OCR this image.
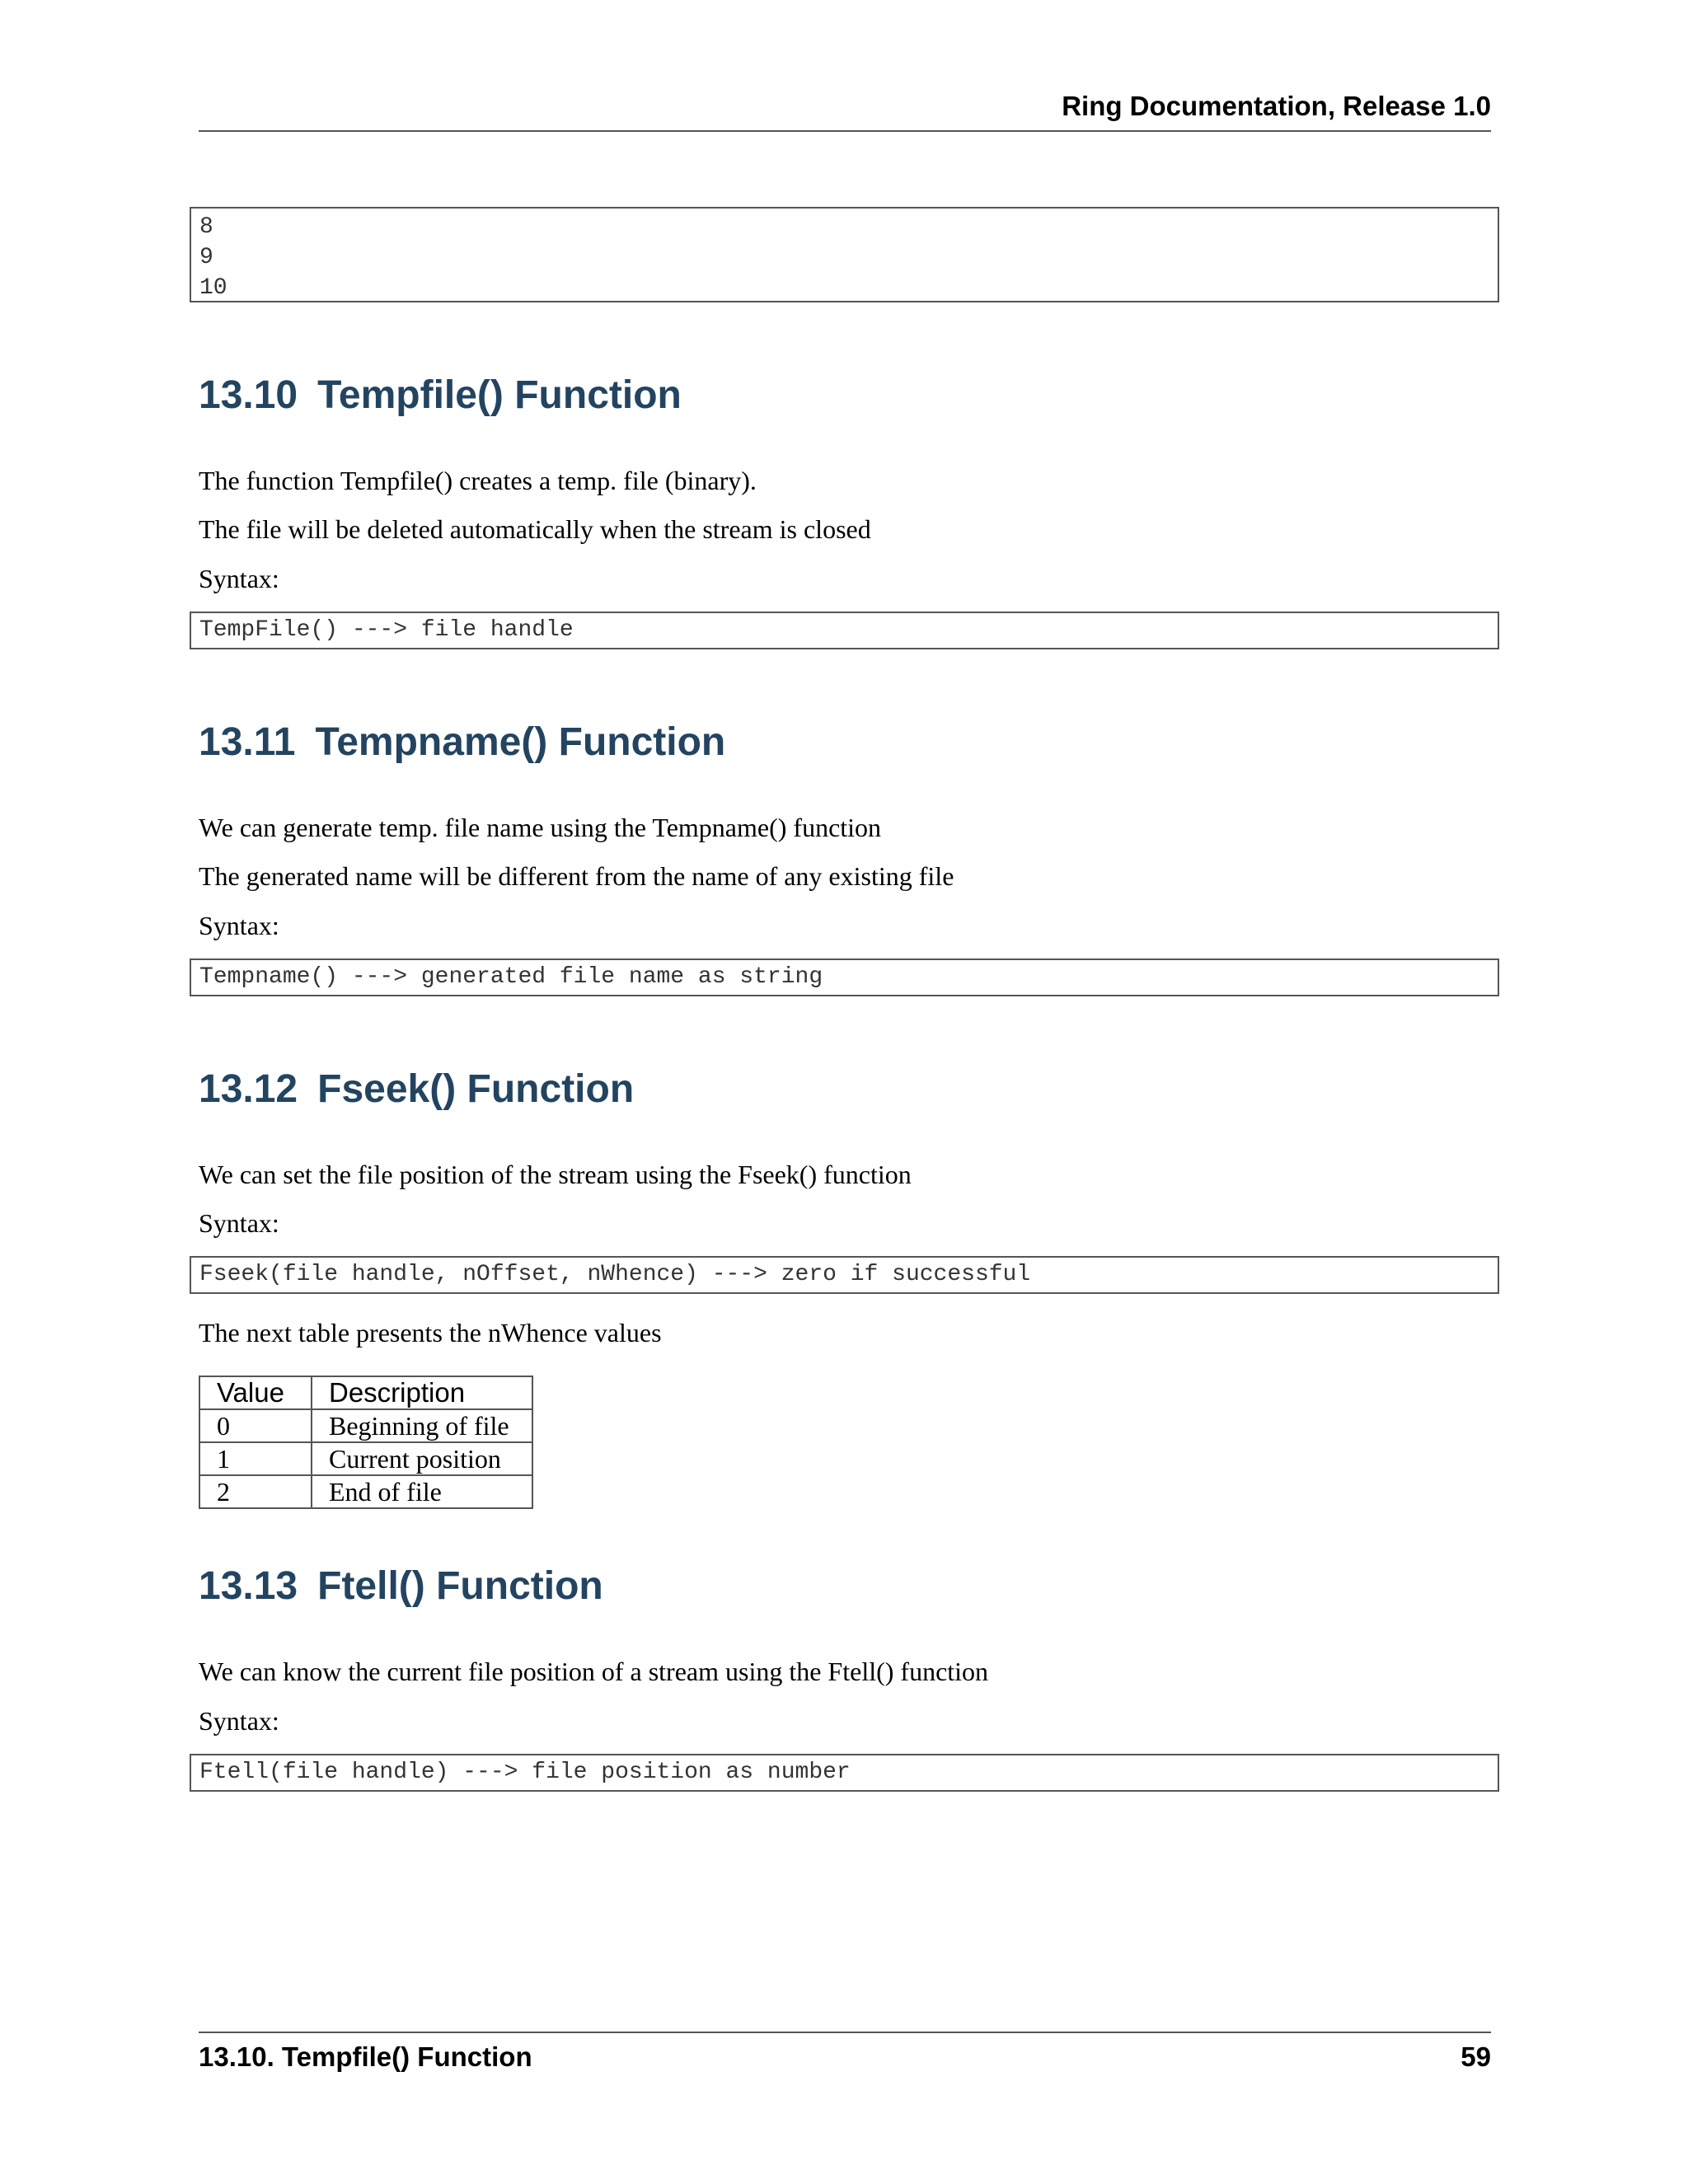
Ring Documentation, Release 1.0
8
9
10
13.10 Tempfile() Function

The function Tempfile() creates a temp. file (binary).

The file will be deleted automatically when the stream is closed

Syntax:

TempFile() ---> file handle
13.11 Tempname() Function

We can generate temp. file name using the Tempname() function

The generated name will be different from the name of any existing file

Syntax:

Tempname() ---> generated file name as string
13.12 Fseek() Function

We can set the file position of the stream using the Fseek() function

Syntax:

Fseek(file handle, nOffset, nWhence) ---> zero if successful

The next table presents the nWhence values

Value	Description
0	Beginning of file
1	Current position
2	End of file
13.13 Ftell() Function

We can know the current file position of a stream using the Ftell() function

Syntax:

Ftell(file handle) ---> file position as number
13.10. Tempfile() Function	59
